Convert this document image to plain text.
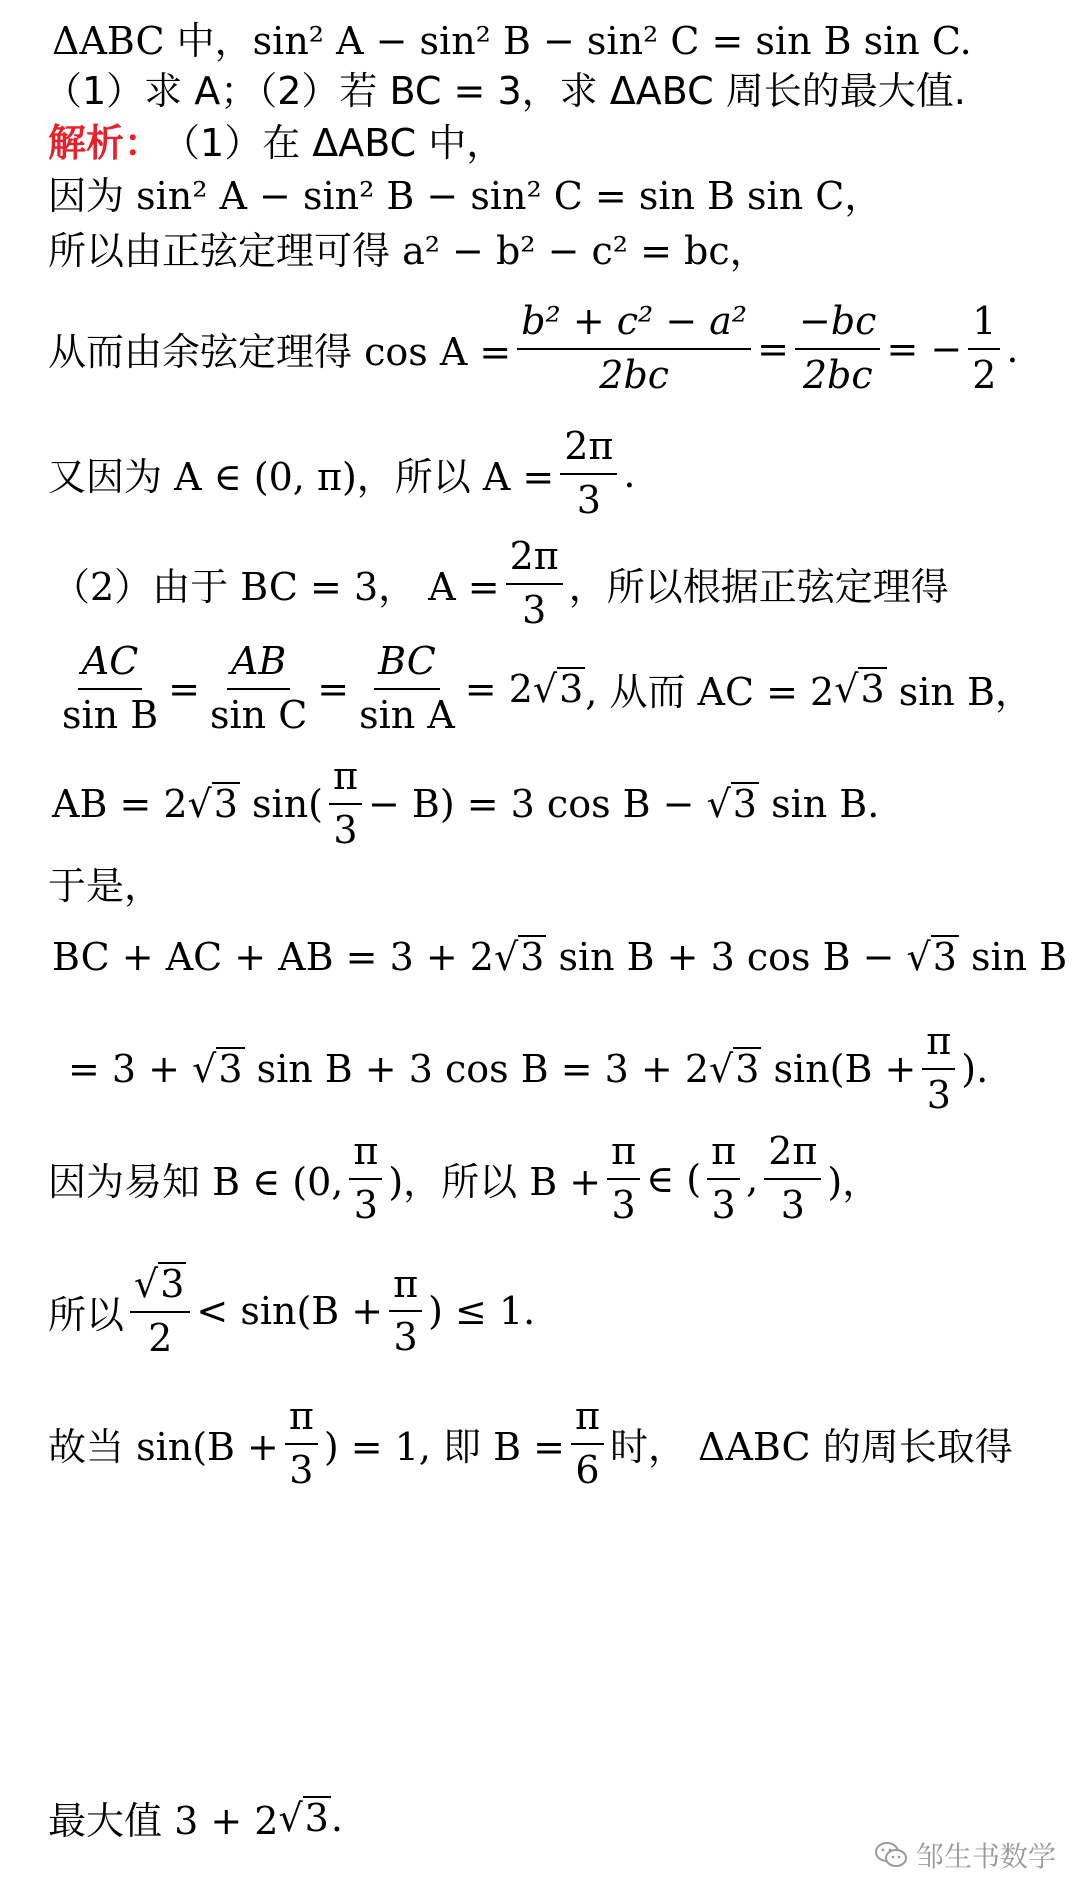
ΔABC 中，sin² A − sin² B − sin² C = sin B sin C.
（1）求 A；（2）若 BC = 3，求 ΔABC 周长的最大值.
解析： （1）在 ΔABC 中，
因为 sin² A − sin² B − sin² C = sin B sin C，
所以由正弦定理可得 a² − b² − c² = bc，
从而由余弦定理得 $\cos A = \frac{\text{b² + c² − a²}}{2bc} = \frac{-bc}{2bc}$ = − $\frac{1}{2}$ .
又因为 A ∈ (0, π)，所以 $A = \frac{2\pi}{3}$ .
（2）由于 BC = 3， $A = \frac{2\pi}{3}$ ，所以根据正弦定理得
$\frac{AC}{\text{sin B}} = \frac{AB}{\text{sin C}} = \frac{BC}{\text{sin A}} = 2$ √ 3 , 从而 AC = 2 √ 3
sin B，
AB = 2 √ 3
sin(
π
3
− B) = 3 cos B − √ 3
sin B.
于是，
BC + AC + AB = 3 + 2 √ 3
sin B + 3 cos B − √ 3
sin B
= 3 + √ 3
sin B + 3 cos B = 3 + 2 √ 3
$\sin(B + \frac{\pi}{3}$ ).
因为易知 B ∈ (0,
π
3
)，所以 $B + \frac{\pi}{3}$ ∈ (
π
3
,
2π
3
)，
所以
√3
2
< $\sin(B + \frac{\pi}{3}$ ) ≤ 1.
故当 $\sin(B + \frac{\pi}{3}$ ) = 1, 即 $B = \frac{\pi}{6}$ 时， ΔABC 的周长取得
最大值 3 + 2 √ 3 .
邹生书数学
